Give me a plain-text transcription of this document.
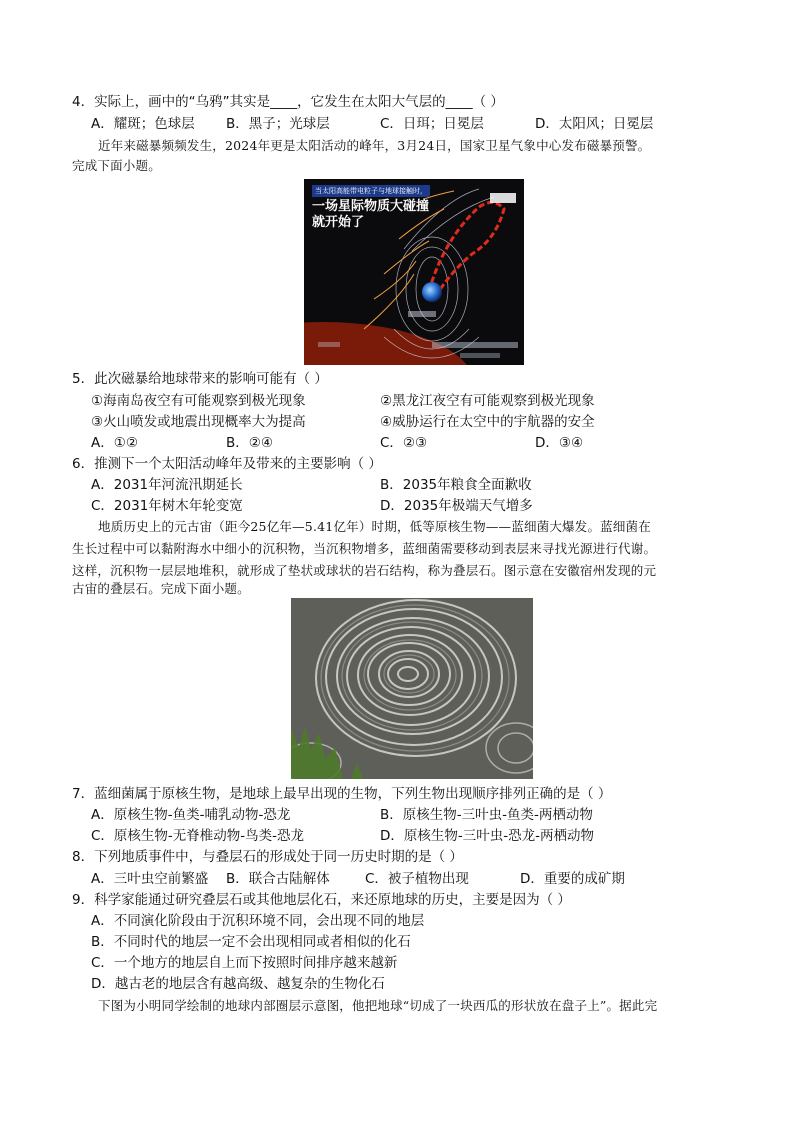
4．实际上，画中的“乌鸦”其实是____，它发生在太阳大气层的____（ ）
A．耀斑；色球层 B．黑子；光球层	C．日珥；日冕层	D．太阳风；日冕层
近年来磁暴频频发生，2024年更是太阳活动的峰年，3月24日，国家卫星气象中心发布磁暴预警。
完成下面小题。
当太阳高能带电粒子与地球接触时，
一场星际物质大碰撞
就开始了
5．此次磁暴给地球带来的影响可能有（ ）
①海南岛夜空有可能观察到极光现象	②黑龙江夜空有可能观察到极光现象
③火山喷发或地震出现概率大为提高	④威胁运行在太空中的宇航器的安全
A．①②	B．②④	C．②③	D．③④
6．推测下一个太阳活动峰年及带来的主要影响（ ）
A．2031年河流汛期延长	B．2035年粮食全面歉收
C．2031年树木年轮变宽	D．2035年极端天气增多
地质历史上的元古宙（距今25亿年—5.41亿年）时期，低等原核生物——蓝细菌大爆发。蓝细菌在
生长过程中可以黏附海水中细小的沉积物，当沉积物增多，蓝细菌需要移动到表层来寻找光源进行代谢。
这样，沉积物一层层地堆积，就形成了垫状或球状的岩石结构，称为叠层石。图示意在安徽宿州发现的元
古宙的叠层石。完成下面小题。
7．蓝细菌属于原核生物，是地球上最早出现的生物，下列生物出现顺序排列正确的是（ ）
A．原核生物-鱼类-哺乳动物-恐龙	B．原核生物-三叶虫-鱼类-两栖动物
C．原核生物-无脊椎动物-鸟类-恐龙	D．原核生物-三叶虫-恐龙-两栖动物
8．下列地质事件中，与叠层石的形成处于同一历史时期的是（ ）
A．三叶虫空前繁盛 B．联合古陆解体	C．被子植物出现	D．重要的成矿期
9．科学家能通过研究叠层石或其他地层化石，来还原地球的历史，主要是因为（ ）
A．不同演化阶段由于沉积环境不同，会出现不同的地层
B．不同时代的地层一定不会出现相同或者相似的化石
C．一个地方的地层自上而下按照时间排序越来越新
D．越古老的地层含有越高级、越复杂的生物化石
下图为小明同学绘制的地球内部圈层示意图，他把地球“切成了一块西瓜的形状放在盘子上”。据此完
